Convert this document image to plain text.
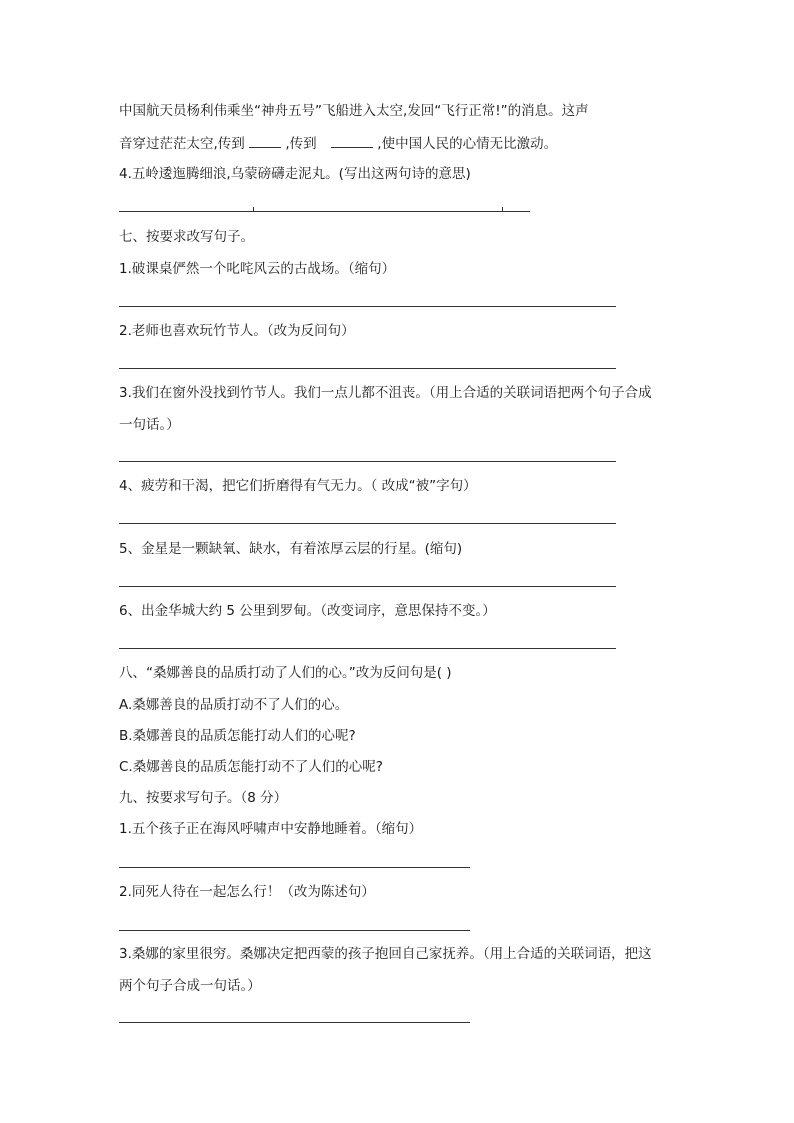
中国航天员杨利伟乘坐“神舟五号”飞船进入太空,发回“飞行正常!”的消息。这声
音穿过茫茫太空,传到	,传到	,使中国人民的心情无比激动。
4.五岭逶迤腾细浪,乌蒙磅礴走泥丸。(写出这两句诗的意思)
七、按要求改写句子。
1.破课桌俨然一个叱咤风云的古战场。（缩句）
2.老师也喜欢玩竹节人。（改为反问句）
3.我们在窗外没找到竹节人。我们一点儿都不沮丧。（用上合适的关联词语把两个句子合成
一句话。）
4、疲劳和干渴，把它们折磨得有气无力。（ 改成“被”字句）
5、金星是一颗缺氧、缺水，有着浓厚云层的行星。(缩句)
6、出金华城大约 5 公里到罗甸。（改变词序，意思保持不变。）
八、“桑娜善良的品质打动了人们的心。”改为反问句是( )
A.桑娜善良的品质打动不了人们的心。
B.桑娜善良的品质怎能打动人们的心呢?
C.桑娜善良的品质怎能打动不了人们的心呢?
九、按要求写句子。（8 分）
1.五个孩子正在海风呼啸声中安静地睡着。（缩句）
2.同死人待在一起怎么行！（改为陈述句）
3.桑娜的家里很穷。桑娜决定把西蒙的孩子抱回自己家抚养。（用上合适的关联词语，把这
两个句子合成一句话。）
